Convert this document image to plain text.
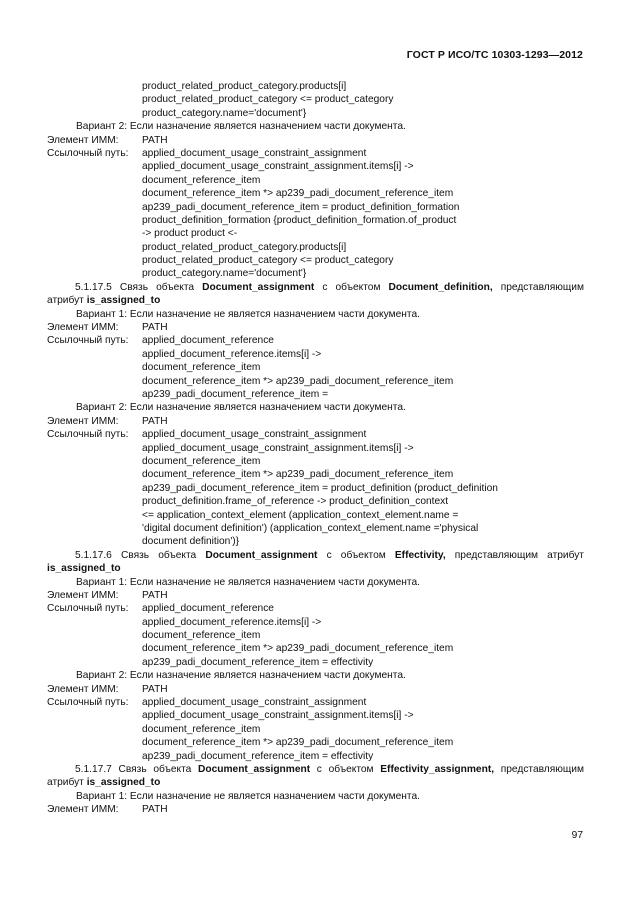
ГОСТ Р ИСО/ТС 10303-1293—2012
product_related_product_category.products[i]
product_related_product_category <= product_category
product_category.name='document'}
Вариант 2: Если назначение является назначением части документа.
Элемент ИММ:	PATH
Ссылочный путь:	applied_document_usage_constraint_assignment
applied_document_usage_constraint_assignment.items[i] ->
document_reference_item
document_reference_item *> ap239_padi_document_reference_item
ap239_padi_document_reference_item = product_definition_formation
product_definition_formation {product_definition_formation.of_product
-> product product <-
product_related_product_category.products[i]
product_related_product_category <= product_category
product_category.name='document'}
5.1.17.5 Связь объекта Document_assignment с объектом Document_definition, представляющим атрибут is_assigned_to
Вариант 1: Если назначение не является назначением части документа.
Элемент ИММ:	PATH
Ссылочный путь:	applied_document_reference
applied_document_reference.items[i] ->
document_reference_item
document_reference_item *> ap239_padi_document_reference_item
ap239_padi_document_reference_item =
Вариант 2: Если назначение является назначением части документа.
Элемент ИММ:	PATH
Ссылочный путь:	applied_document_usage_constraint_assignment
applied_document_usage_constraint_assignment.items[i] ->
document_reference_item
document_reference_item *> ap239_padi_document_reference_item
ap239_padi_document_reference_item = product_definition (product_definition
product_definition.frame_of_reference -> product_definition_context
<= application_context_element (application_context_element.name =
'digital document definition') (application_context_element.name ='physical
document definition')}
5.1.17.6 Связь объекта Document_assignment с объектом Effectivity, представляющим атрибут is_assigned_to
Вариант 1: Если назначение не является назначением части документа.
Элемент ИММ:	PATH
Ссылочный путь:	applied_document_reference
applied_document_reference.items[i] ->
document_reference_item
document_reference_item *> ap239_padi_document_reference_item
ap239_padi_document_reference_item = effectivity
Вариант 2: Если назначение является назначением части документа.
Элемент ИММ:	PATH
Ссылочный путь:	applied_document_usage_constraint_assignment
applied_document_usage_constraint_assignment.items[i] ->
document_reference_item
document_reference_item *> ap239_padi_document_reference_item
ap239_padi_document_reference_item = effectivity
5.1.17.7 Связь объекта Document_assignment с объектом Effectivity_assignment, представляющим атрибут is_assigned_to
Вариант 1: Если назначение не является назначением части документа.
Элемент ИММ:	PATH
97
